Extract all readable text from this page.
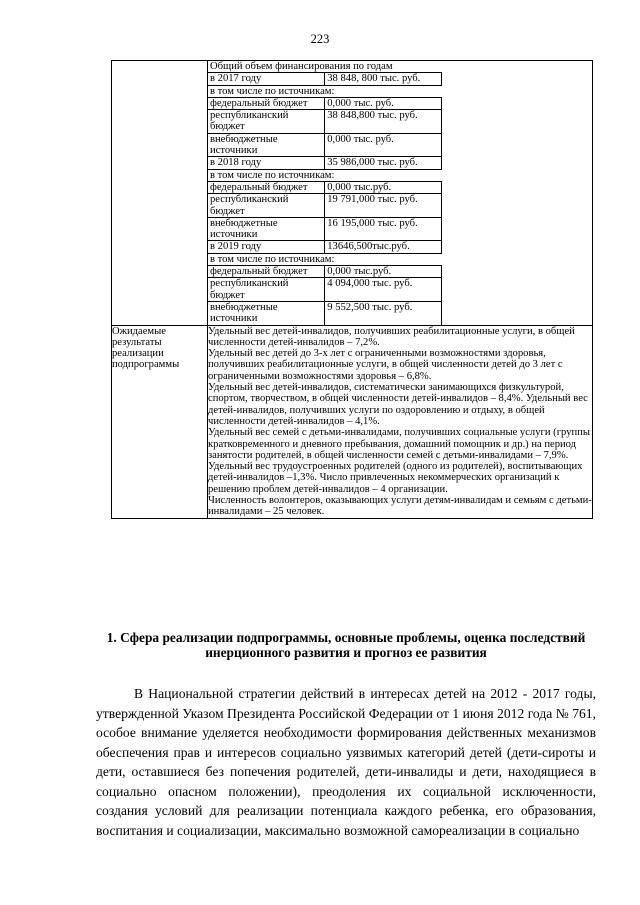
223

Общий объем финансирования по годам
в 2017 году	38 848, 800 тыс. руб.
в том числе по источникам:
федеральный бюджет	0,000 тыс. руб.
республиканский бюджет	38 848,800 тыс. руб.
внебюджетные источники	0,000 тыс. руб.
в 2018 году	35 986,000 тыс. руб.
в том числе по источникам:
федеральный бюджет	0,000 тыс.руб.
республиканский бюджет	19 791,000 тыс. руб.
внебюджетные источники	16 195,000 тыс. руб.
в 2019 году	13646,500тыс.руб.
в том числе по источникам:
федеральный бюджет	0,000 тыс.руб.
республиканский бюджет	4 094,000 тыс. руб.
внебюджетные источники	9 552,500 тыс. руб.

Ожидаемые результаты реализации подпрограммы	

Удельный вес детей-инвалидов, получивших реабилитационные услуги, в общей численности детей-инвалидов – 7,2%.

Удельный вес детей до 3-х лет с ограниченными возможностями здоровья, получивших реабилитационные услуги, в общей численности детей до 3 лет с ограниченными возможностями здоровья – 6,8%.

Удельный вес детей-инвалидов, систематически занимающихся физкультурой, спортом, творчеством, в общей численности детей-инвалидов – 8,4%. Удельный вес детей-инвалидов, получивших услуги по оздоровлению и отдыху, в общей численности детей-инвалидов – 4,1%.

Удельный вес семей с детьми-инвалидами, получивших социальные услуги (группы кратковременного и дневного пребывания, домашний помощник и др.) на период занятости родителей, в общей численности семей с детьми-инвалидами – 7,9%. Удельный вес трудоустроенных родителей (одного из родителей), воспитывающих детей-инвалидов –1,3%. Число привлеченных некоммерческих организаций к решению проблем детей-инвалидов – 4 организации.

Численность волонтеров, оказывающих услуги детям-инвалидам и семьям с детьми-инвалидами – 25 человек.

1. Сфера реализации подпрограммы, основные проблемы, оценка последствий инерционного развития и прогноз ее развития

В Национальной стратегии действий в интересах детей на 2012 - 2017 годы, утвержденной Указом Президента Российской Федерации от 1 июня 2012 года № 761, особое внимание уделяется необходимости формирования действенных механизмов обеспечения прав и интересов социально уязвимых категорий детей (дети-сироты и дети, оставшиеся без попечения родителей, дети-инвалиды и дети, находящиеся в социально опасном положении), преодоления их социальной исключенности, создания условий для реализации потенциала каждого ребенка, его образования, воспитания и социализации, максимально возможной самореализации в социально
